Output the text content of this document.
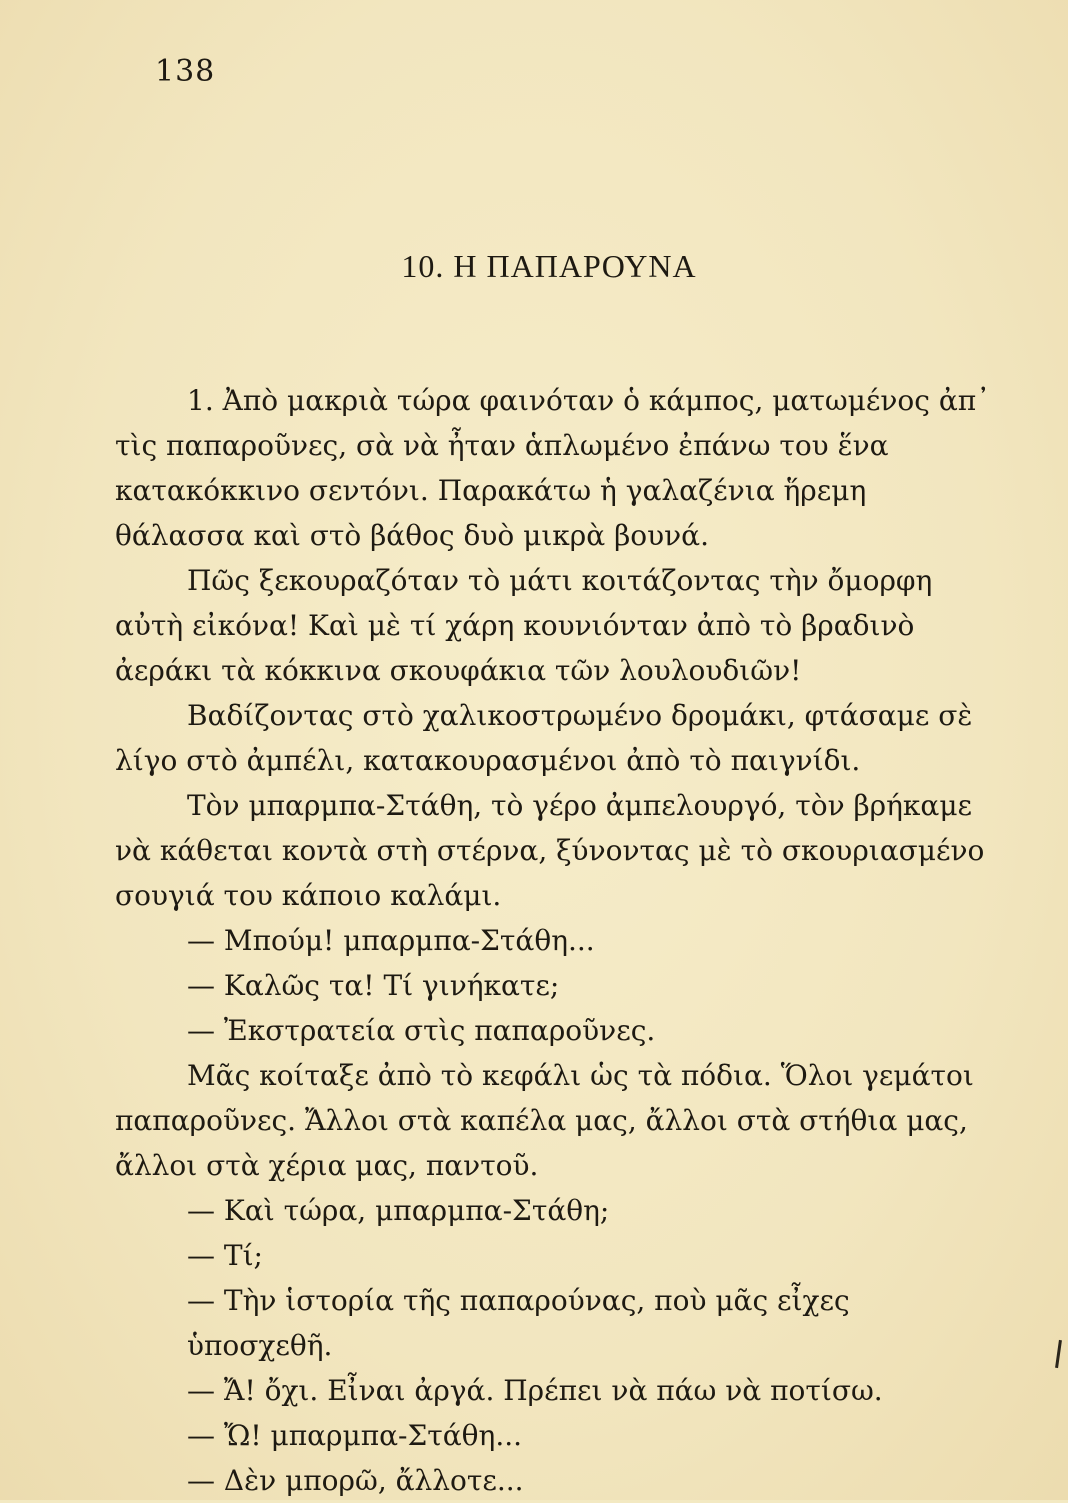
138
10. Η ΠΑΠΑΡΟΥΝΑ

1. Ἀπὸ μακριὰ τώρα φαινόταν ὁ κάμπος, ματωμένος ἀπ᾽ τὶς παπαροῦνες, σὰ νὰ ἦταν ἁπλωμένο ἐπάνω του ἕνα κατακόκκινο σεντόνι. Παρακάτω ἡ γαλαζένια ἥρεμη θάλασσα καὶ στὸ βάθος δυὸ μικρὰ βουνά.

Πῶς ξεκουραζόταν τὸ μάτι κοιτάζοντας τὴν ὄμορφη αὐτὴ εἰκόνα! Καὶ μὲ τί χάρη κουνιόνταν ἀπὸ τὸ βραδινὸ ἀεράκι τὰ κόκκινα σκουφάκια τῶν λουλουδιῶν!

Βαδίζοντας στὸ χαλικοστρωμένο δρομάκι, φτάσαμε σὲ λίγο στὸ ἀμπέλι, κατακουρασμένοι ἀπὸ τὸ παιγνίδι.

Τὸν μπαρμπα-Στάθη, τὸ γέρο ἀμπελουργό, τὸν βρήκαμε νὰ κάθεται κοντὰ στὴ στέρνα, ξύνοντας μὲ τὸ σκουριασμένο σουγιά του κάποιο καλάμι.

— Μπούμ! μπαρμπα-Στάθη...

— Καλῶς τα! Τί γινήκατε;

— Ἐκστρατεία στὶς παπαροῦνες.

Μᾶς κοίταξε ἀπὸ τὸ κεφάλι ὡς τὰ πόδια. Ὅλοι γεμάτοι παπαροῦνες. Ἄλλοι στὰ καπέλα μας, ἄλλοι στὰ στήθια μας, ἄλλοι στὰ χέρια μας, παντοῦ.

— Καὶ τώρα, μπαρμπα-Στάθη;

— Τί;

— Τὴν ἱστορία τῆς παπαρούνας, ποὺ μᾶς εἶχες ὑποσχεθῆ.

— Ἄ! ὄχι. Εἶναι ἀργά. Πρέπει νὰ πάω νὰ ποτίσω.

— Ὤ! μπαρμπα-Στάθη...

— Δὲν μπορῶ, ἄλλοτε...
